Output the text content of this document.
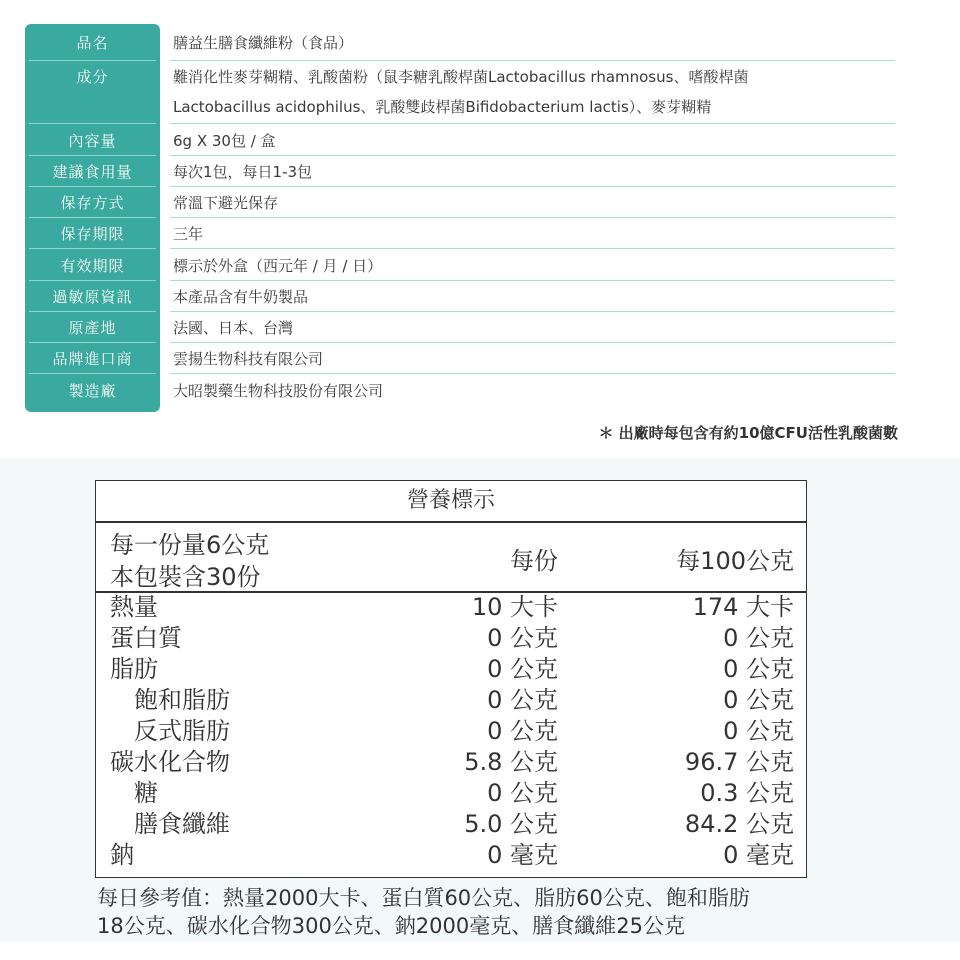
品名	膳益生膳食纖維粉（食品）
成分	難消化性麥芽糊精、乳酸菌粉（鼠李糖乳酸桿菌Lactobacillus rhamnosus、嗜酸桿菌
Lactobacillus acidophilus、乳酸雙歧桿菌Bifidobacterium lactis）、麥芽糊精
內容量	6g X 30包 / 盒
建議食用量	每次1包，每日1-3包
保存方式	常溫下避光保存
保存期限	三年
有效期限	標示於外盒（西元年 / 月 / 日）
過敏原資訊	本產品含有牛奶製品
原產地	法國、日本、台灣
品牌進口商	雲揚生物科技有限公司
製造廠	大昭製藥生物科技股份有限公司
＊ 出廠時每包含有約10億CFU活性乳酸菌數
營養標示
每一份量6公克
本包裝含30份
每份	每100公克
熱量	10 大卡	174 大卡
蛋白質	0 公克	0 公克
脂肪	0 公克	0 公克
飽和脂肪	0 公克	0 公克
反式脂肪	0 公克	0 公克
碳水化合物	5.8 公克	96.7 公克
糖	0 公克	0.3 公克
膳食纖維	5.0 公克	84.2 公克
鈉	0 毫克	0 毫克
每日參考值：熱量2000大卡、蛋白質60公克、脂肪60公克、飽和脂肪
18公克、碳水化合物300公克、鈉2000毫克、膳食纖維25公克
